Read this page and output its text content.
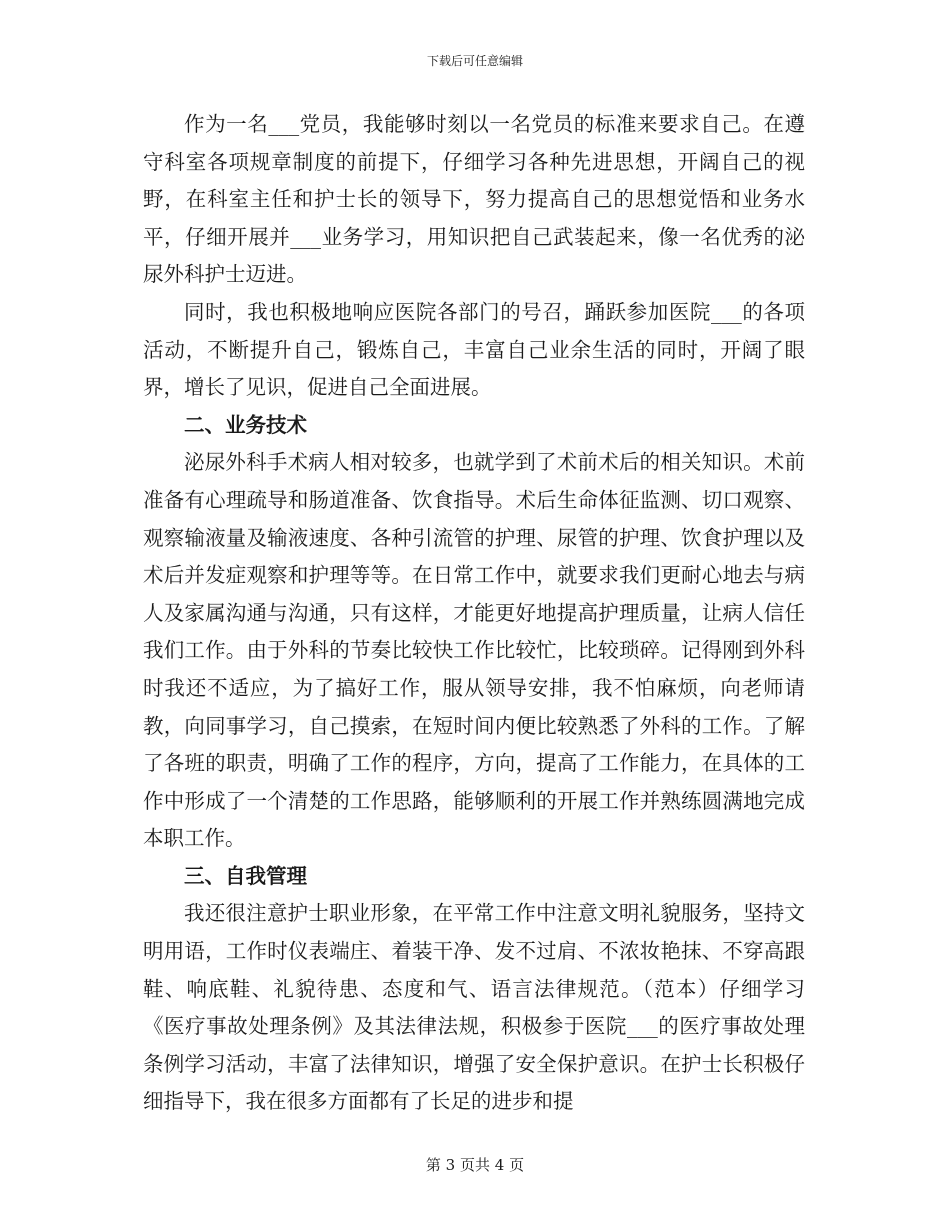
下载后可任意编辑

作为一名___党员，我能够时刻以一名党员的标准来要求自己。在遵守科室各项规章制度的前提下，仔细学习各种先进思想，开阔自己的视野，在科室主任和护士长的领导下，努力提高自己的思想觉悟和业务水平，仔细开展并___业务学习，用知识把自己武装起来，像一名优秀的泌尿外科护士迈进。

同时，我也积极地响应医院各部门的号召，踊跃参加医院___的各项活动，不断提升自己，锻炼自己，丰富自己业余生活的同时，开阔了眼界，增长了见识，促进自己全面进展。

二、业务技术

泌尿外科手术病人相对较多，也就学到了术前术后的相关知识。术前准备有心理疏导和肠道准备、饮食指导。术后生命体征监测、切口观察、观察输液量及输液速度、各种引流管的护理、尿管的护理、饮食护理以及术后并发症观察和护理等等。在日常工作中，就要求我们更耐心地去与病人及家属沟通与沟通，只有这样，才能更好地提高护理质量，让病人信任我们工作。由于外科的节奏比较快工作比较忙，比较琐碎。记得刚到外科时我还不适应，为了搞好工作，服从领导安排，我不怕麻烦，向老师请教，向同事学习，自己摸索，在短时间内便比较熟悉了外科的工作。了解了各班的职责，明确了工作的程序，方向，提高了工作能力，在具体的工作中形成了一个清楚的工作思路，能够顺利的开展工作并熟练圆满地完成本职工作。

三、自我管理

我还很注意护士职业形象，在平常工作中注意文明礼貌服务，坚持文明用语，工作时仪表端庄、着装干净、发不过肩、不浓妆艳抹、不穿高跟鞋、响底鞋、礼貌待患、态度和气、语言法律规范。（范本）仔细学习《医疗事故处理条例》及其法律法规，积极参于医院___的医疗事故处理条例学习活动，丰富了法律知识，增强了安全保护意识。在护士长积极仔细指导下，我在很多方面都有了长足的进步和提

第 3 页共 4 页
